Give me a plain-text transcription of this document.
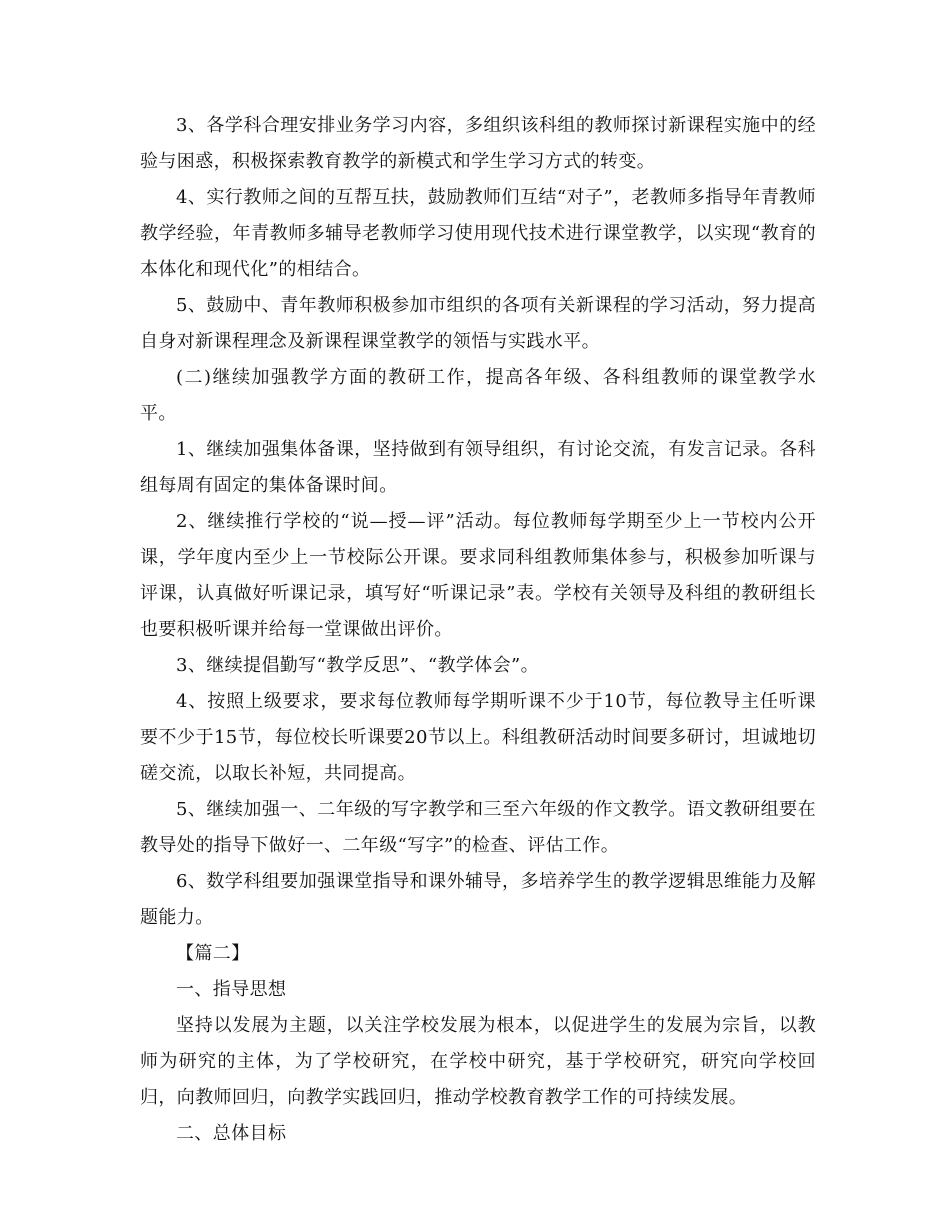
3、各学科合理安排业务学习内容，多组织该科组的教师探讨新课程实施中的经验与困惑，积极探索教育教学的新模式和学生学习方式的转变。

4、实行教师之间的互帮互扶，鼓励教师们互结“对子”，老教师多指导年青教师教学经验，年青教师多辅导老教师学习使用现代技术进行课堂教学，以实现“教育的本体化和现代化”的相结合。

5、鼓励中、青年教师积极参加市组织的各项有关新课程的学习活动，努力提高自身对新课程理念及新课程课堂教学的领悟与实践水平。

(二)继续加强教学方面的教研工作，提高各年级、各科组教师的课堂教学水平。

1、继续加强集体备课，坚持做到有领导组织，有讨论交流，有发言记录。各科组每周有固定的集体备课时间。

2、继续推行学校的“说—授—评”活动。每位教师每学期至少上一节校内公开课，学年度内至少上一节校际公开课。要求同科组教师集体参与，积极参加听课与评课，认真做好听课记录，填写好“听课记录”表。学校有关领导及科组的教研组长也要积极听课并给每一堂课做出评价。

3、继续提倡勤写“教学反思”、“教学体会”。

4、按照上级要求，要求每位教师每学期听课不少于10节，每位教导主任听课要不少于15节，每位校长听课要20节以上。科组教研活动时间要多研讨，坦诚地切磋交流，以取长补短，共同提高。

5、继续加强一、二年级的写字教学和三至六年级的作文教学。语文教研组要在教导处的指导下做好一、二年级“写字”的检查、评估工作。

6、数学科组要加强课堂指导和课外辅导，多培养学生的教学逻辑思维能力及解题能力。

【篇二】

一、指导思想

坚持以发展为主题，以关注学校发展为根本，以促进学生的发展为宗旨，以教师为研究的主体，为了学校研究，在学校中研究，基于学校研究，研究向学校回归，向教师回归，向教学实践回归，推动学校教育教学工作的可持续发展。

二、总体目标
